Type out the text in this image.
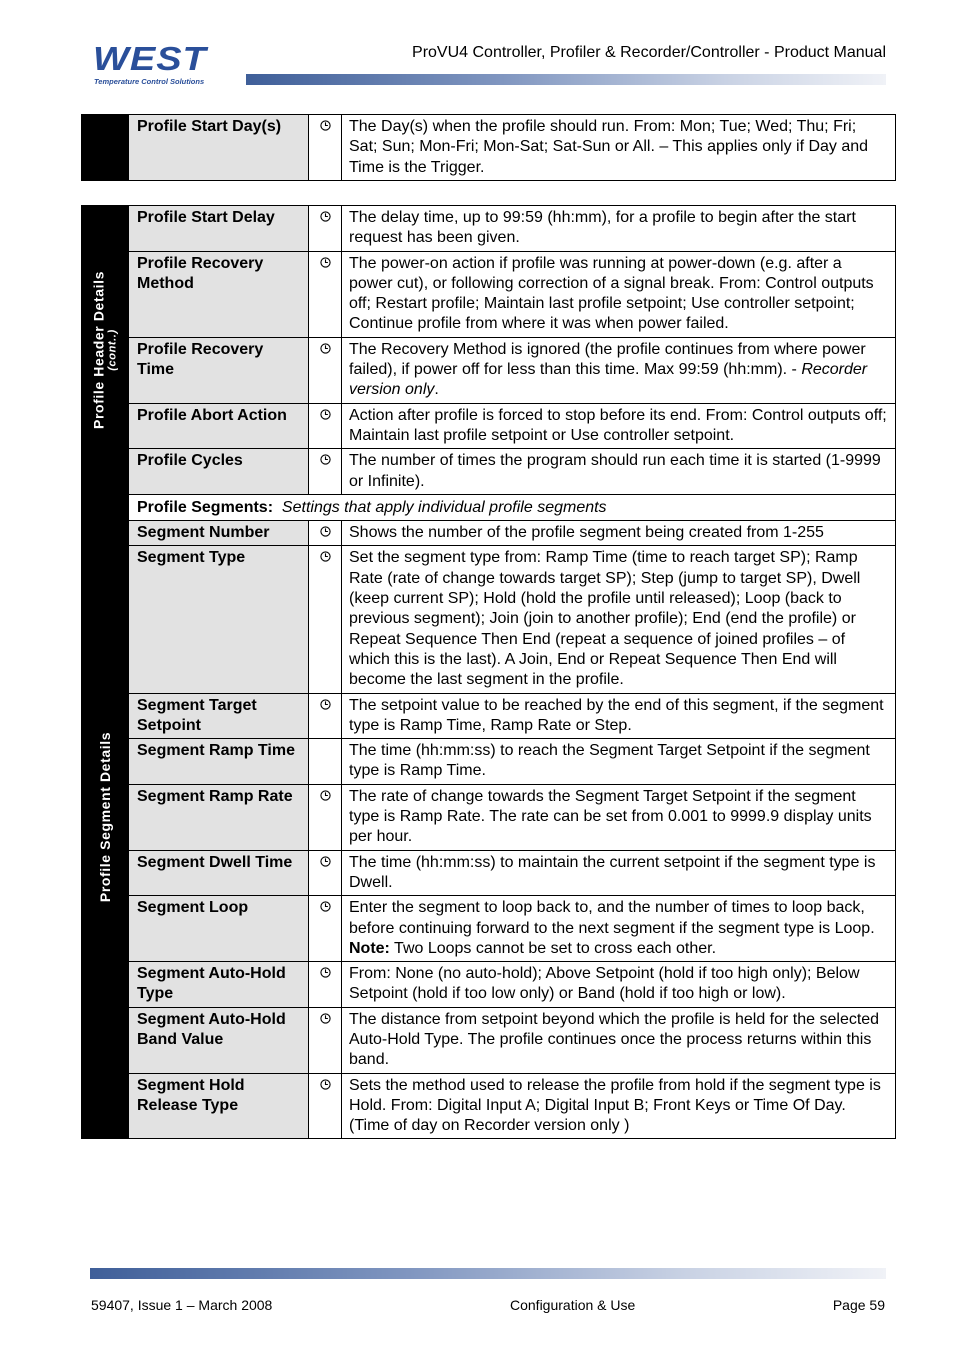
WEST
Temperature Control Solutions
ProVU4 Controller, Profiler & Recorder/Controller - Product Manual
	Profile Start Day(s)		The Day(s) when the profile should run. From: Mon; Tue; Wed; Thu; Fri; Sat; Sun; Mon-Fri; Mon-Sat; Sat-Sun or All. – This applies only if Day and Time is the Trigger.
Profile Header Details (cont..)	Profile Start Delay		The delay time, up to 99:59 (hh:mm), for a profile to begin after the start request has been given.
	Profile Recovery Method		The power-on action if profile was running at power-down (e.g. after a power cut), or following correction of a signal break. From: Control outputs off; Restart profile; Maintain last profile setpoint; Use controller setpoint; Continue profile from where it was when power failed.
	Profile Recovery Time		The Recovery Method is ignored (the profile continues from where power failed), if power off for less than this time. Max 99:59 (hh:mm). - Recorder version only.
	Profile Abort Action		Action after profile is forced to stop before its end. From: Control outputs off; Maintain last profile setpoint or Use controller setpoint.
	Profile Cycles		The number of times the program should run each time it is started (1-9999 or Infinite).

Profile Segment Details	Profile Segments: Settings that apply individual profile segments		
	Segment Number		Shows the number of the profile segment being created from 1-255
	Segment Type		Set the segment type from: Ramp Time (time to reach target SP); Ramp Rate (rate of change towards target SP); Step (jump to target SP), Dwell (keep current SP); Hold (hold the profile until released); Loop (back to previous segment); Join (join to another profile); End (end the profile) or Repeat Sequence Then End (repeat a sequence of joined profiles – of which this is the last). A Join, End or Repeat Sequence Then End will become the last segment in the profile.
	Segment Target Setpoint		The setpoint value to be reached by the end of this segment, if the segment type is Ramp Time, Ramp Rate or Step.
	Segment Ramp Time		The time (hh:mm:ss) to reach the Segment Target Setpoint if the segment type is Ramp Time.
	Segment Ramp Rate		The rate of change towards the Segment Target Setpoint if the segment type is Ramp Rate. The rate can be set from 0.001 to 9999.9 display units per hour.
	Segment Dwell Time		The time (hh:mm:ss) to maintain the current setpoint if the segment type is Dwell.
	Segment Loop		Enter the segment to loop back to, and the number of times to loop back, before continuing forward to the next segment if the segment type is Loop. Note: Two Loops cannot be set to cross each other.
	Segment Auto-Hold Type		From: None (no auto-hold); Above Setpoint (hold if too high only); Below Setpoint (hold if too low only) or Band (hold if too high or low).
	Segment Auto-Hold Band Value		The distance from setpoint beyond which the profile is held for the selected Auto-Hold Type. The profile continues once the process returns within this band.
	Segment Hold Release Type		Sets the method used to release the profile from hold if the segment type is Hold. From: Digital Input A; Digital Input B; Front Keys or Time Of Day. (Time of day on Recorder version only )
59407, Issue 1 – March 2008	Configuration & Use	Page 59
